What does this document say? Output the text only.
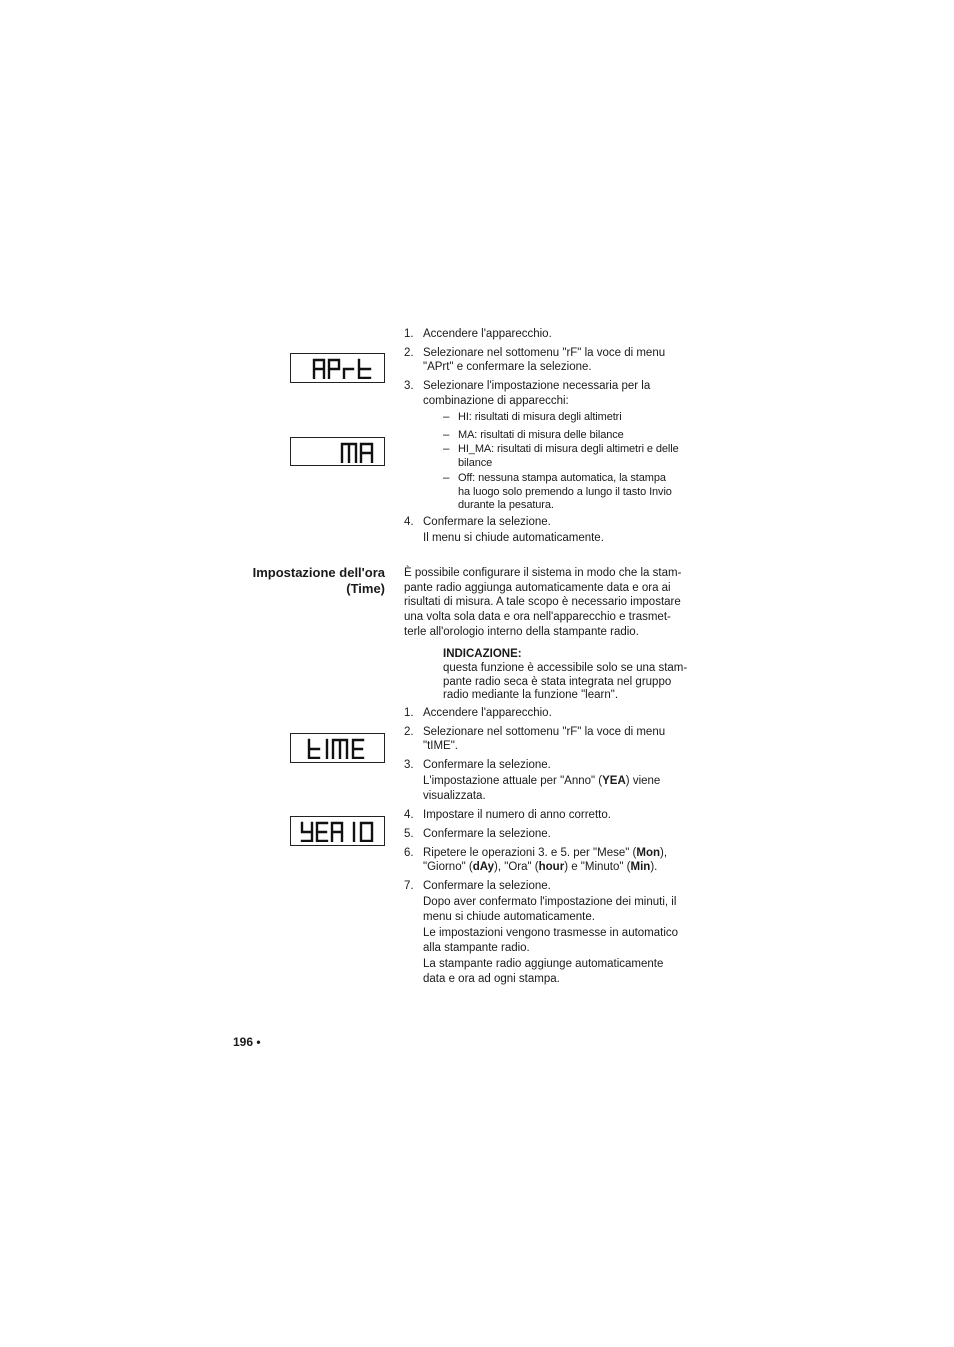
1. Accendere l'apparecchio.
2. Selezionare nel sottomenu "rF" la voce di menu
"APrt" e confermare la selezione.
3. Selezionare l'impostazione necessaria per la
combinazione di apparecchi:
– HI: risultati di misura degli altimetri
– MA: risultati di misura delle bilance
– HI_MA: risultati di misura degli altimetri e delle
bilance
– Off: nessuna stampa automatica, la stampa
ha luogo solo premendo a lungo il tasto Invio
durante la pesatura.
4. Confermare la selezione.
Il menu si chiude automaticamente.
Impostazione dell'ora
(Time)
È possibile configurare il sistema in modo che la stam-
pante radio aggiunga automaticamente data e ora ai
risultati di misura. A tale scopo è necessario impostare
una volta sola data e ora nell'apparecchio e trasmet-
terle all'orologio interno della stampante radio.
INDICAZIONE:
questa funzione è accessibile solo se una stam-
pante radio seca è stata integrata nel gruppo
radio mediante la funzione "learn".
1. Accendere l'apparecchio.
2. Selezionare nel sottomenu "rF" la voce di menu
"tIME".
3. Confermare la selezione.
L'impostazione attuale per "Anno" (YEA) viene
visualizzata.
4. Impostare il numero di anno corretto.
5. Confermare la selezione.
6. Ripetere le operazioni 3. e 5. per "Mese" (Mon),
"Giorno" (dAy), "Ora" (hour) e "Minuto" (Min).
7. Confermare la selezione.
Dopo aver confermato l'impostazione dei minuti, il
menu si chiude automaticamente.
Le impostazioni vengono trasmesse in automatico
alla stampante radio.
La stampante radio aggiunge automaticamente
data e ora ad ogni stampa.
196 •
